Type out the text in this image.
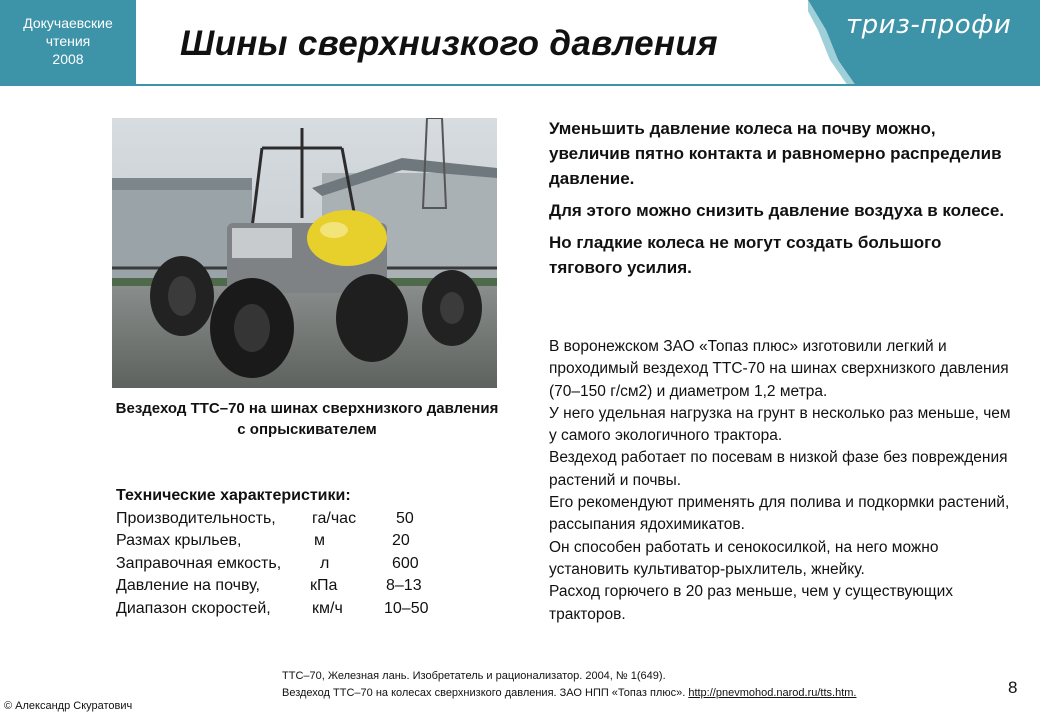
Докучаевские
чтения
2008	Шины сверхнизкого давления	триз-профи
Вездеход ТТС–70 на шинах сверхнизкого давления с опрыскивателем
Технические характеристики:
Производительность, га/час 50
Размах крыльев,	м	20
Заправочная емкость, л	600
Давление на почву,	кПа	8–13
Диапазон скоростей,	км/ч	10–50

Уменьшить давление колеса на почву можно, увеличив пятно контакта и равномерно распределив давление.

Для этого можно снизить давление воздуха в колесе.

Но гладкие колеса не могут создать большого тягового усилия.

В воронежском ЗАО «Топаз плюс» изготовили легкий и проходимый вездеход ТТС-70 на шинах сверхнизкого давления (70–150 г/см2) и диаметром 1,2 метра.

У него удельная нагрузка на грунт в несколько раз меньше, чем у самого экологичного трактора.

Вездеход работает по посевам в низкой фазе без повреждения растений и почвы.

Его рекомендуют применять для полива и подкормки растений, рассыпания ядохимикатов.

Он способен работать и сенокосилкой, на него можно установить культиватор-рыхлитель, жнейку.

Расход горючего в 20 раз меньше, чем у существующих тракторов.

ТТС–70, Железная лань. Изобретатель и рационализатор. 2004, № 1(649).
Вездеход ТТС–70 на колесах сверхнизкого давления. ЗАО НПП «Топаз плюс». http://pnevmohod.narod.ru/tts.htm.	8
© Александр Скуратович
